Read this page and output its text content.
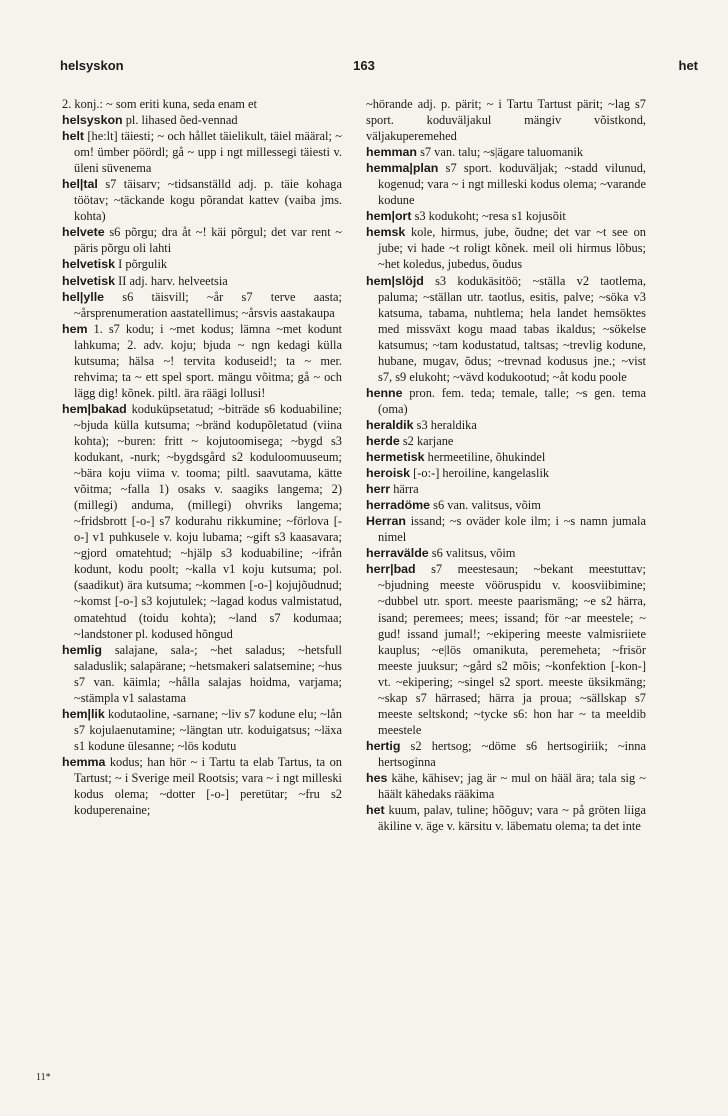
helsyskon	163	het
2. konj.: ~ som eriti kuna, seda enam et
helsyskon pl. lihased õed-vennad
helt [he:lt] täiesti; ~ och hållet täielikult, täiel määral; ~ om! ümber pöördl; gå ~ upp i ngt millessegi täiesti v. üleni süvenema
hel|tal s7 täisarv; ~tidsanställd adj. p. täie kohaga töötav; ~täckande kogu põrandat kattev (vaiba jms. kohta)
helvete s6 põrgu; dra åt ~! käi põrgul; det var rent ~ päris põrgu oli lahti
helvetisk I põrgulik
helvetisk II adj. harv. helveetsia
hel|ylle s6 täisvill; ~år s7 terve aasta; ~årsprenumeration aastatellimus; ~årsvis aastakaupa
hem 1. s7 kodu; i ~met kodus; lämna ~met kodunt lahkuma; 2. adv. koju; bjuda ~ ngn kedagi külla kutsuma; hälsa ~! tervita koduseid!; ta ~ mer. rehvima; ta ~ ett spel sport. mängu võitma; gå ~ och lägg dig! kõnek. piltl. ära räägi lollusi!
hem|bakad koduküpsetatud; ~biträde s6 koduabiline; ~bjuda külla kutsuma; ~bränd kodupõletatud (viina kohta); ~buren: fritt ~ kojutoomisega; ~bygd s3 kodukant, -nurk; ~bygdsgård s2 koduloomuuseum; ~bära koju viima v. tooma; piltl. saavutama, kätte võitma; ~falla 1) osaks v. saagiks langema; 2) (millegi) anduma, (millegi) ohvriks langema; ~fridsbrott [-o-] s7 kodurahu rikkumine; ~förlova [-o-] v1 puhkusele v. koju lubama; ~gift s3 kaasavara; ~gjord omatehtud; ~hjälp s3 koduabiline; ~ifrån kodunt, kodu poolt; ~kalla v1 koju kutsuma; pol. (saadikut) ära kutsuma; ~kommen [-o-] kojujõudnud; ~komst [-o-] s3 kojutulek; ~lagad kodus valmistatud, omatehtud (toidu kohta); ~land s7 kodumaa; ~landstoner pl. kodused hõngud
hemlig salajane, sala-; ~het saladus; ~hetsfull saladuslik; salapärane; ~hetsmakeri salatsemine; ~hus s7 van. käimla; ~hålla salajas hoidma, varjama; ~stämpla v1 salastama
hem|lik kodutaoline, -sarnane; ~liv s7 kodune elu; ~lån s7 kojulaenutamine; ~längtan utr. koduigatsus; ~läxa s1 kodune ülesanne; ~lös kodutu
hemma kodus; han hör ~ i Tartu ta elab Tartus, ta on Tartust; ~ i Sverige meil Rootsis; vara ~ i ngt milleski kodus olema; ~dotter [-o-] peretütar; ~fru s2 koduperenaine;
~hörande adj. p. pärit; ~ i Tartu Tartust pärit; ~lag s7 sport. koduväljakul mängiv võistkond, väljakuperemehed
hemman s7 van. talu; ~s|ägare taluomanik
hemma|plan s7 sport. koduväljak; ~stadd vilunud, kogenud; vara ~ i ngt milleski kodus olema; ~varande kodune
hem|ort s3 kodukoht; ~resa s1 kojusõit
hemsk kole, hirmus, jube, õudne; det var ~t see on jube; vi hade ~t roligt kõnek. meil oli hirmus lõbus; ~het koledus, jubedus, õudus
hem|slöjd s3 kodukäsitöö; ~ställa v2 taotlema, paluma; ~ställan utr. taotlus, esitis, palve; ~söka v3 katsuma, tabama, nuhtlema; hela landet hemsöktes med missväxt kogu maad tabas ikaldus; ~sökelse katsumus; ~tam kodustatud, taltsas; ~trevlig kodune, hubane, mugav, õdus; ~trevnad kodusus jne.; ~vist s7, s9 elukoht; ~vävd kodukootud; ~åt kodu poole
henne pron. fem. teda; temale, talle; ~s gen. tema (oma)
heraldik s3 heraldika
herde s2 karjane
hermetisk hermeetiline, õhukindel
heroisk [-o:-] heroiline, kangelaslik
herr härra
herradöme s6 van. valitsus, võim
Herran issand; ~s oväder kole ilm; i ~s namn jumala nimel
herravälde s6 valitsus, võim
herr|bad s7 meestesaun; ~bekant meestuttav; ~bjudning meeste vööruspidu v. koosviibimine; ~dubbel utr. sport. meeste paarismäng; ~e s2 härra, isand; peremees; mees; issand; för ~ar meestele; ~ gud! issand jumal!; ~ekipering meeste valmisriiete kauplus; ~e|lös omanikuta, peremeheta; ~frisör meeste juuksur; ~gård s2 mõis; ~konfektion [-kon-] vt. ~ekipering; ~singel s2 sport. meeste üksikmäng; ~skap s7 härrased; härra ja proua; ~sällskap s7 meeste seltskond; ~tycke s6: hon har ~ ta meeldib meestele
hertig s2 hertsog; ~döme s6 hertsogiriik; ~inna hertsoginna
hes kähe, kähisev; jag är ~ mul on hääl ära; tala sig ~ häält kähedaks rääkima
het kuum, palav, tuline; hõõguv; vara ~ på gröten liiga äkiline v. äge v. kärsitu v. läbematu olema; ta det inte
11*
